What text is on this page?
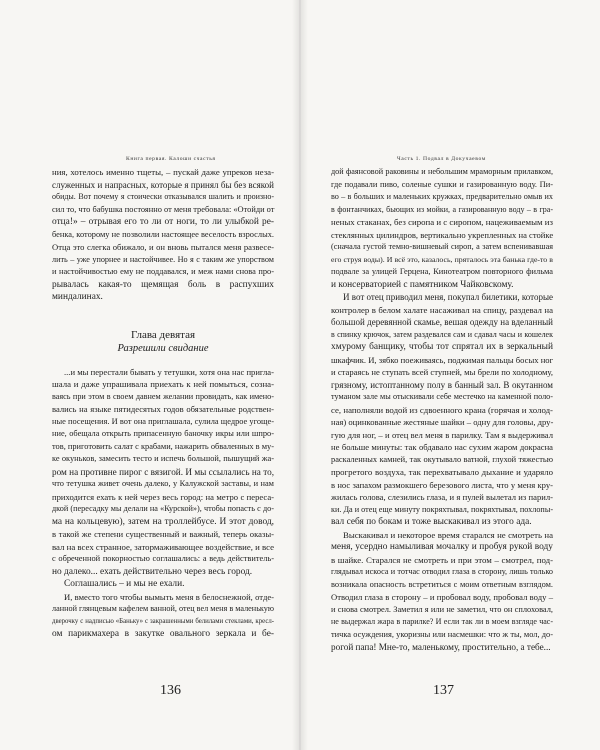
Книга первая. Калоши счастья
ния, хотелось именно тщеты, – пускай даже упреков неза-
служенных и напрасных, которые я принял бы без всякой
обиды. Вот почему я стоически отказывался шалить и произно-
сил то, что бабушка постоянно от меня требовала: «Отойди от
отца!» – отрывая его то ли от ноги, то ли улыбкой ре-
бенка, которому не позволили настоящее веселость взрослых.
Отца это слегка обижало, и он вновь пытался меня развесе-
лить – уже упорнее и настойчивее. Но я с таким же упорством
и настойчивостью ему не поддавался, и меж нами снова про-
рывалась какая-то щемящая боль в распухших
миндалинах.
Глава девятая
Разрешили свидание
...и мы перестали бывать у тетушки, хотя она нас пригла-
шала и даже упрашивала приехать к ней помыться, созна-
ваясь при этом в своем давнем желании провидать, как имено-
вались на языке пятидесятых годов обязательные родствен-
ные посещения. И вот она приглашала, сулила щедрое угоще-
ние, обещала открыть припасенную баночку икры или шпро-
тов, приготовить салат с крабами, нажарить обваленных в му-
ке окуньков, замесить тесто и испечь большой, пышущий жа-
ром на противне пирог с вязигой. И мы ссылались на то,
что тетушка живет очень далеко, у Калужской заставы, и нам
приходится ехать к ней через весь город: на метро с переса-
дкой (пересадку мы делали на «Курской»), чтобы попасть с до-
ма на кольцевую), затем на троллейбусе. И этот довод,
в такой же степени существенный и важный, теперь оказы-
вал на всех странное, затормаживающее воздействие, и все
с обреченной покорностью соглашались: а ведь действитель-
но далеко... ехать действительно через весь город.
Соглашались – и мы не ехали.
И, вместо того чтобы вымыть меня в белоснежной, отде-
ланной глянцевым кафелем ванной, отец вел меня в маленькую
дверочку с надписью «Баньку» с закрашенными белилами стеклами, кресл-
ом парикмахера в закутке овального зеркала и бе-
136
Часть 1. Подвал в Докучаевом
дой фаянсовой раковины и небольшим мраморным прилавком,
где подавали пиво, соленые сушки и газированную воду. Пи-
во – в больших и маленьких кружках, предварительно омыв их
в фонтанчиках, бьющих из мойки, а газированную воду – в гра-
неных стаканах, без сиропа и с сиропом, нацеживаемым из
стеклянных цилиндров, вертикально укрепленных на стойке
(сначала густой темно-вишневый сироп, а затем вспенивавшая
его струя воды). И всё это, казалось, пряталось эта банька где-то в
подвале за улицей Герцена, Кинотеатром повторного фильма
и консерваторией с памятником Чайковскому.
И вот отец приводил меня, покупал билетики, которые
контролер в белом халате насаживал на спицу, раздевал на
большой деревянной скамье, вешая одежду на вделанный
в спинку крючок, затем раздевался сам и сдавал часы и кошелек
хмурому банщику, чтобы тот спрятал их в зеркальный
шкафчик. И, зябко поеживаясь, поджимая пальцы босых ног
и стараясь не ступать всей ступней, мы брели по холодному,
грязному, истоптанному полу в банный зал. В окутанном
туманом зале мы отыскивали себе местечко на каменной поло-
се, наполняли водой из сдвоенного крана (горячая и холод-
ная) оцинкованные жестяные шайки – одну для головы, дру-
гую для ног, – и отец вел меня в парилку. Там я выдерживал
не больше минуты: так обдавало нас сухим жаром докрасна
раскаленных камней, так окутывало ватной, глухой тяжестью
прогретого воздуха, так перехватывало дыхание и ударяло
в нос запахом размокшего березового листа, что у меня кру-
жилась голова, слезились глаза, и я пулей вылетал из парил-
ки. Да и отец еще минуту покряхтывал, покряхтывал, похлопы-
вал себя по бокам и тоже выскакивал из этого ада.
Выскакивал и некоторое время старался не смотреть на
меня, усердно намыливая мочалку и пробуя рукой воду
в шайке. Старался не смотреть и при этом – смотрел, под-
глядывал искоса и тотчас отводил глаза в сторону, лишь только
возникала опасность встретиться с моим ответным взглядом.
Отводил глаза в сторону – и пробовал воду, пробовал воду –
и снова смотрел. Заметил я или не заметил, что он сплоховал,
не выдержал жара в парилке? И если так ли в моем взгляде час-
тичка осуждения, укоризны или насмешки: что ж ты, мол, до-
рогой папа! Мне-то, маленькому, простительно, а тебе...
137
